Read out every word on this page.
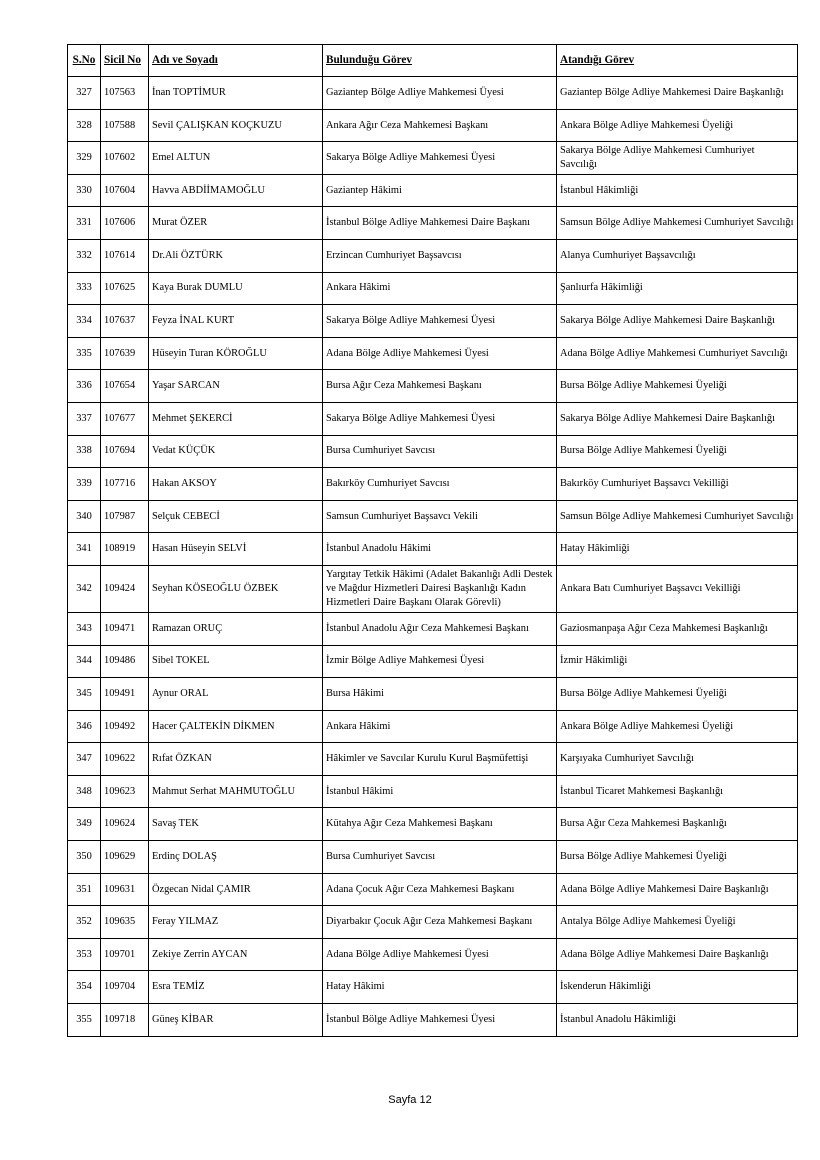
S.No	Sicil No	Adı ve Soyadı	Bulunduğu Görev	Atandığı Görev
327	107563	İnan TOPTİMUR	Gaziantep Bölge Adliye Mahkemesi Üyesi	Gaziantep Bölge Adliye Mahkemesi Daire Başkanlığı
328	107588	Sevil ÇALIŞKAN KOÇKUZU	Ankara Ağır Ceza Mahkemesi Başkanı	Ankara Bölge Adliye Mahkemesi Üyeliği
329	107602	Emel ALTUN	Sakarya Bölge Adliye Mahkemesi Üyesi	Sakarya Bölge Adliye Mahkemesi Cumhuriyet Savcılığı
330	107604	Havva ABDİİMAMOĞLU	Gaziantep Hâkimi	İstanbul Hâkimliği
331	107606	Murat ÖZER	İstanbul Bölge Adliye Mahkemesi Daire Başkanı	Samsun Bölge Adliye Mahkemesi Cumhuriyet Savcılığı
332	107614	Dr.Ali ÖZTÜRK	Erzincan Cumhuriyet Başsavcısı	Alanya Cumhuriyet Başsavcılığı
333	107625	Kaya Burak DUMLU	Ankara Hâkimi	Şanlıurfa Hâkimliği
334	107637	Feyza İNAL KURT	Sakarya Bölge Adliye Mahkemesi Üyesi	Sakarya Bölge Adliye Mahkemesi Daire Başkanlığı
335	107639	Hüseyin Turan KÖROĞLU	Adana Bölge Adliye Mahkemesi Üyesi	Adana Bölge Adliye Mahkemesi Cumhuriyet Savcılığı
336	107654	Yaşar SARCAN	Bursa Ağır Ceza Mahkemesi Başkanı	Bursa Bölge Adliye Mahkemesi Üyeliği
337	107677	Mehmet ŞEKERCİ	Sakarya Bölge Adliye Mahkemesi Üyesi	Sakarya Bölge Adliye Mahkemesi Daire Başkanlığı
338	107694	Vedat KÜÇÜK	Bursa Cumhuriyet Savcısı	Bursa Bölge Adliye Mahkemesi Üyeliği
339	107716	Hakan AKSOY	Bakırköy Cumhuriyet Savcısı	Bakırköy Cumhuriyet Başsavcı Vekilliği
340	107987	Selçuk CEBECİ	Samsun Cumhuriyet Başsavcı Vekili	Samsun Bölge Adliye Mahkemesi Cumhuriyet Savcılığı
341	108919	Hasan Hüseyin SELVİ	İstanbul Anadolu Hâkimi	Hatay Hâkimliği
342	109424	Seyhan KÖSEOĞLU ÖZBEK	Yargıtay Tetkik Hâkimi (Adalet Bakanlığı Adli Destek ve Mağdur Hizmetleri Dairesi Başkanlığı Kadın Hizmetleri Daire Başkanı Olarak Görevli)	Ankara Batı Cumhuriyet Başsavcı Vekilliği
343	109471	Ramazan ORUÇ	İstanbul Anadolu Ağır Ceza Mahkemesi Başkanı	Gaziosmanpaşa Ağır Ceza Mahkemesi Başkanlığı
344	109486	Sibel TOKEL	İzmir Bölge Adliye Mahkemesi Üyesi	İzmir Hâkimliği
345	109491	Aynur ORAL	Bursa Hâkimi	Bursa Bölge Adliye Mahkemesi Üyeliği
346	109492	Hacer ÇALTEKİN DİKMEN	Ankara Hâkimi	Ankara Bölge Adliye Mahkemesi Üyeliği
347	109622	Rıfat ÖZKAN	Hâkimler ve Savcılar Kurulu Kurul Başmüfettişi	Karşıyaka Cumhuriyet Savcılığı
348	109623	Mahmut Serhat MAHMUTOĞLU	İstanbul Hâkimi	İstanbul Ticaret Mahkemesi Başkanlığı
349	109624	Savaş TEK	Kütahya Ağır Ceza Mahkemesi Başkanı	Bursa Ağır Ceza Mahkemesi Başkanlığı
350	109629	Erdinç DOLAŞ	Bursa Cumhuriyet Savcısı	Bursa Bölge Adliye Mahkemesi Üyeliği
351	109631	Özgecan Nidal ÇAMIR	Adana Çocuk Ağır Ceza Mahkemesi Başkanı	Adana Bölge Adliye Mahkemesi Daire Başkanlığı
352	109635	Feray YILMAZ	Diyarbakır Çocuk Ağır Ceza Mahkemesi Başkanı	Antalya Bölge Adliye Mahkemesi Üyeliği
353	109701	Zekiye Zerrin AYCAN	Adana Bölge Adliye Mahkemesi Üyesi	Adana Bölge Adliye Mahkemesi Daire Başkanlığı
354	109704	Esra TEMİZ	Hatay Hâkimi	İskenderun Hâkimliği
355	109718	Güneş KİBAR	İstanbul Bölge Adliye Mahkemesi Üyesi	İstanbul Anadolu Hâkimliği
Sayfa 12
